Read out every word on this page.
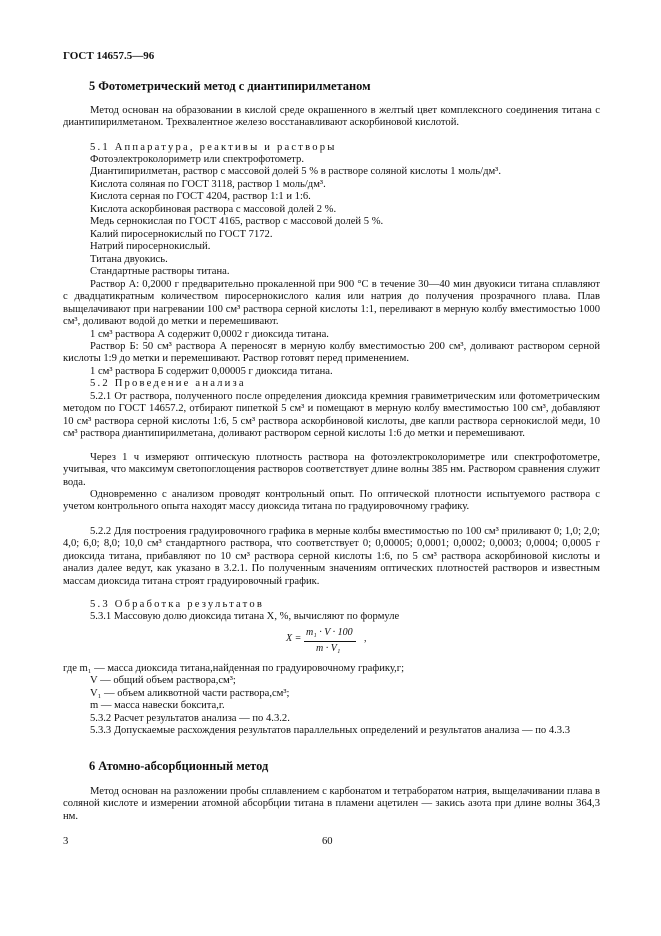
ГОСТ 14657.5—96
5 Фотометрический метод с диантипирилметаном
Метод основан на образовании в кислой среде окрашенного в желтый цвет комплексного соединения титана с диантипирилметаном. Трехвалентное железо восстанавливают аскорбиновой кислотой.
5.1 Аппаратура, реактивы и растворы
Фотоэлектроколориметр или спектрофотометр.
Диантипирилметан, раствор с массовой долей 5 % в растворе соляной кислоты 1 моль/дм³.
Кислота соляная по ГОСТ 3118, раствор 1 моль/дм³.
Кислота серная по ГОСТ 4204, раствор 1:1 и 1:6.
Кислота аскорбиновая раствора с массовой долей 2 %.
Медь сернокислая по ГОСТ 4165, раствор с массовой долей 5 %.
Калий пиросернокислый по ГОСТ 7172.
Натрий пиросернокислый.
Титана двуокись.
Стандартные растворы титана.
Раствор А: 0,2000 г предварительно прокаленной при 900 °С в течение 30—40 мин двуокиси титана сплавляют с двадцатикратным количеством пиросернокислого калия или натрия до получения прозрачного плава. Плав выщелачивают при нагревании 100 см³ раствора серной кислоты 1:1, переливают в мерную колбу вместимостью 1000 см³, доливают водой до метки и перемешивают.
1 см³ раствора А содержит 0,0002 г диоксида титана.
Раствор Б: 50 см³ раствора А переносят в мерную колбу вместимостью 200 см³, доливают раствором серной кислоты 1:9 до метки и перемешивают. Раствор готовят перед применением.
1 см³ раствора Б содержит 0,00005 г диоксида титана.
5.2 Проведение анализа
5.2.1 От раствора, полученного после определения диоксида кремния гравиметрическим или фотометрическим методом по ГОСТ 14657.2, отбирают пипеткой 5 см³ и помещают в мерную колбу вместимостью 100 см³, добавляют 10 см³ раствора серной кислоты 1:6, 5 см³ раствора аскорбиновой кислоты, две капли раствора сернокислой меди, 10 см³ раствора диантипирилметана, доливают раствором серной кислоты 1:6 до метки и перемешивают.
Через 1 ч измеряют оптическую плотность раствора на фотоэлектроколориметре или спектрофотометре, учитывая, что максимум светопоглощения растворов соответствует длине волны 385 нм. Раствором сравнения служит вода.
Одновременно с анализом проводят контрольный опыт. По оптической плотности испытуемого раствора с учетом контрольного опыта находят массу диоксида титана по градуировочному графику.
5.2.2 Для построения градуировочного графика в мерные колбы вместимостью по 100 см³ приливают 0; 1,0; 2,0; 4,0; 6,0; 8,0; 10,0 см³ стандартного раствора, что соответствует 0; 0,00005; 0,0001; 0,0002; 0,0003; 0,0004; 0,0005 г диоксида титана, прибавляют по 10 см³ раствора серной кислоты 1:6, по 5 см³ раствора аскорбиновой кислоты и анализ далее ведут, как указано в 3.2.1. По полученным значениям оптических плотностей растворов и известным массам диоксида титана строят градуировочный график.
5.3 Обработка результатов
5.3.1 Массовую долю диоксида титана X, %, вычисляют по формуле
X =
m₁ · V · 100
m · V₁
,
где m₁ — масса диоксида титана,найденная по градуировочному графику,г;
V — общий объем раствора,см³;
V₁ — объем аликвотной части раствора,см³;
m — масса навески боксита,г.
5.3.2 Расчет результатов анализа — по 4.3.2.
5.3.3 Допускаемые расхождения результатов параллельных определений и результатов анализа — по 4.3.3
6 Атомно-абсорбционный метод
Метод основан на разложении пробы сплавлением с карбонатом и тетраборатом натрия, выщелачивании плава в соляной кислоте и измерении атомной абсорбции титана в пламени ацетилен — закись азота при длине волны 364,3 нм.
3	60
